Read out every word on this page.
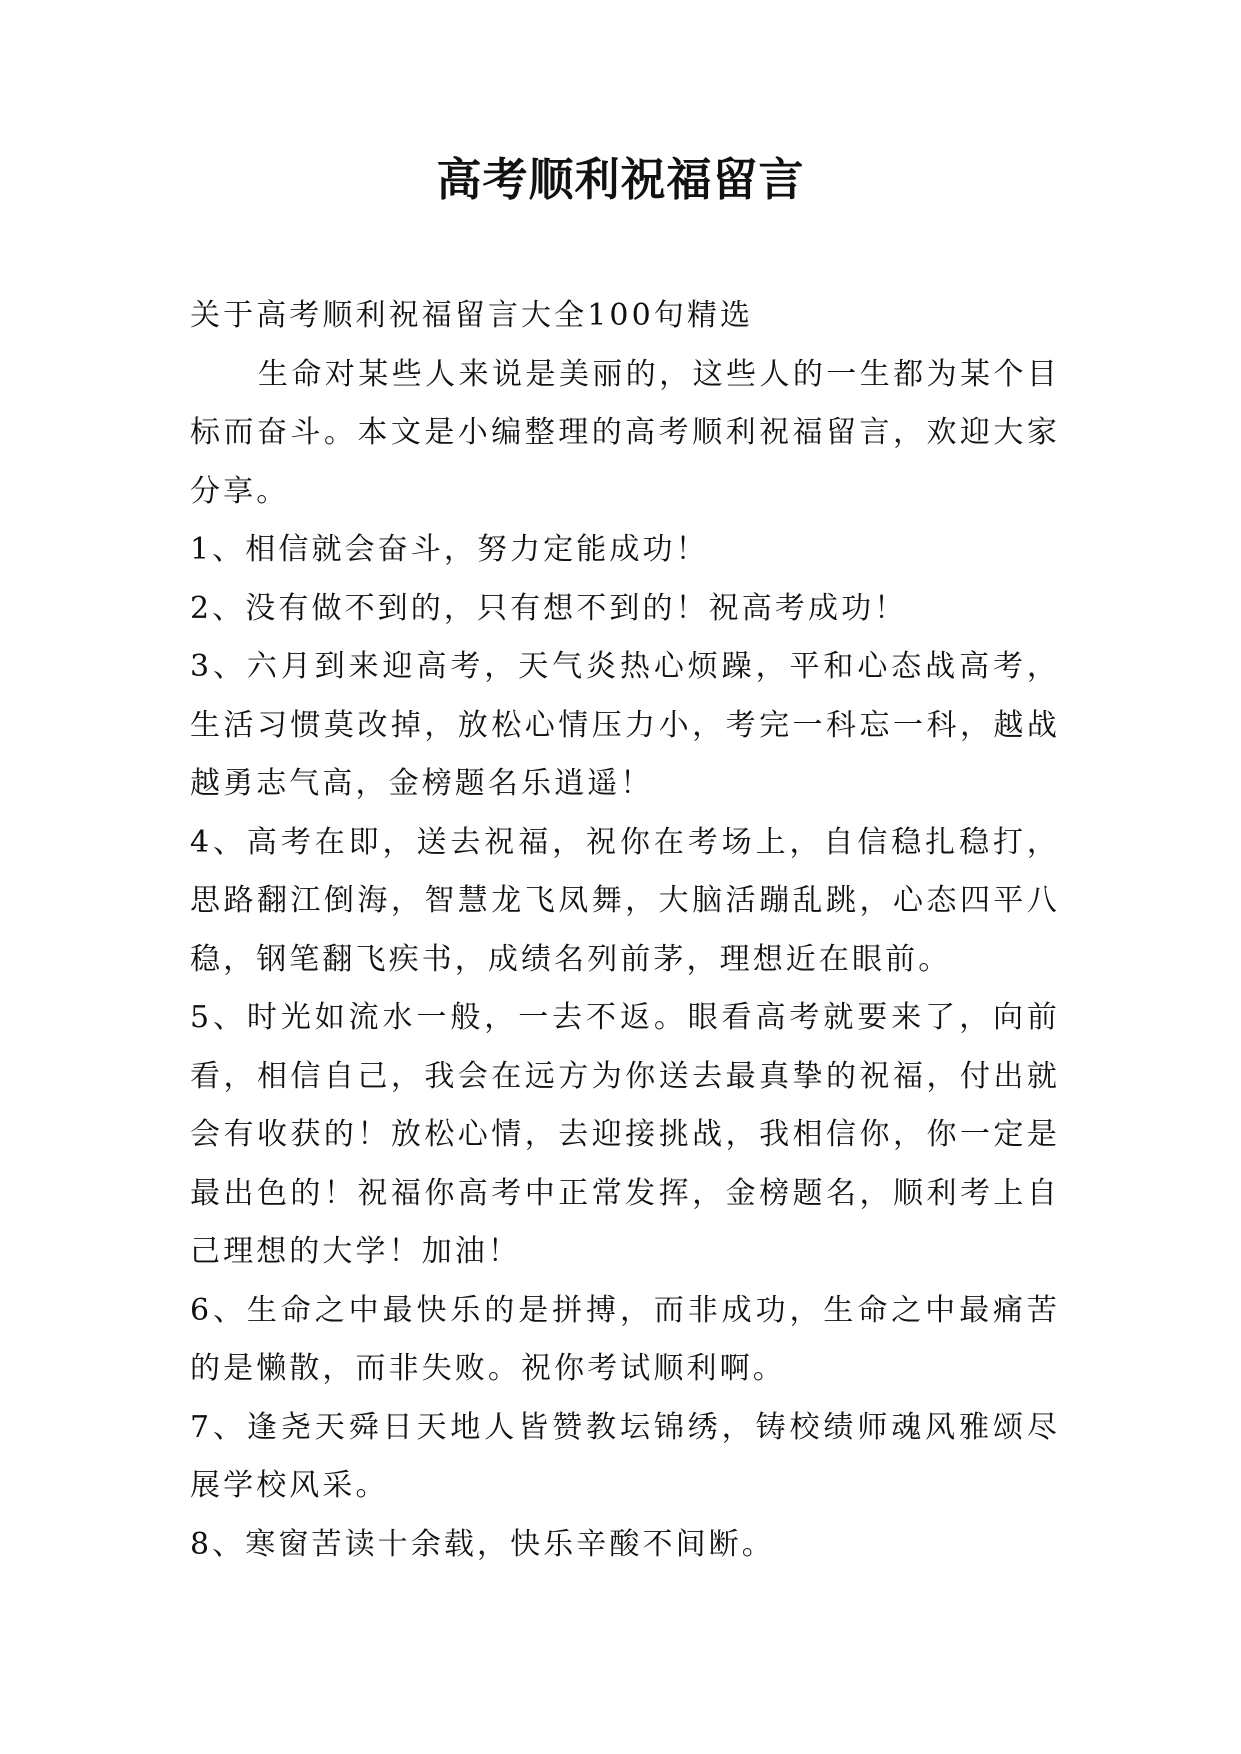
高考顺利祝福留言

关于高考顺利祝福留言大全100句精选

生命对某些人来说是美丽的，这些人的一生都为某个目标而奋斗。本文是小编整理的高考顺利祝福留言，欢迎大家分享。

1、相信就会奋斗，努力定能成功！

2、没有做不到的，只有想不到的！祝高考成功！

3、六月到来迎高考，天气炎热心烦躁，平和心态战高考，生活习惯莫改掉，放松心情压力小，考完一科忘一科，越战越勇志气高，金榜题名乐逍遥！

4、高考在即，送去祝福，祝你在考场上，自信稳扎稳打，思路翻江倒海，智慧龙飞凤舞，大脑活蹦乱跳，心态四平八稳，钢笔翻飞疾书，成绩名列前茅，理想近在眼前。

5、时光如流水一般，一去不返。眼看高考就要来了，向前看，相信自己，我会在远方为你送去最真挚的祝福，付出就会有收获的！放松心情，去迎接挑战，我相信你，你一定是最出色的！祝福你高考中正常发挥，金榜题名，顺利考上自己理想的大学！加油！

6、生命之中最快乐的是拼搏，而非成功，生命之中最痛苦的是懒散，而非失败。祝你考试顺利啊。

7、逢尧天舜日天地人皆赞教坛锦绣，铸校绩师魂风雅颂尽展学校风采。

8、寒窗苦读十余载，快乐辛酸不间断。
